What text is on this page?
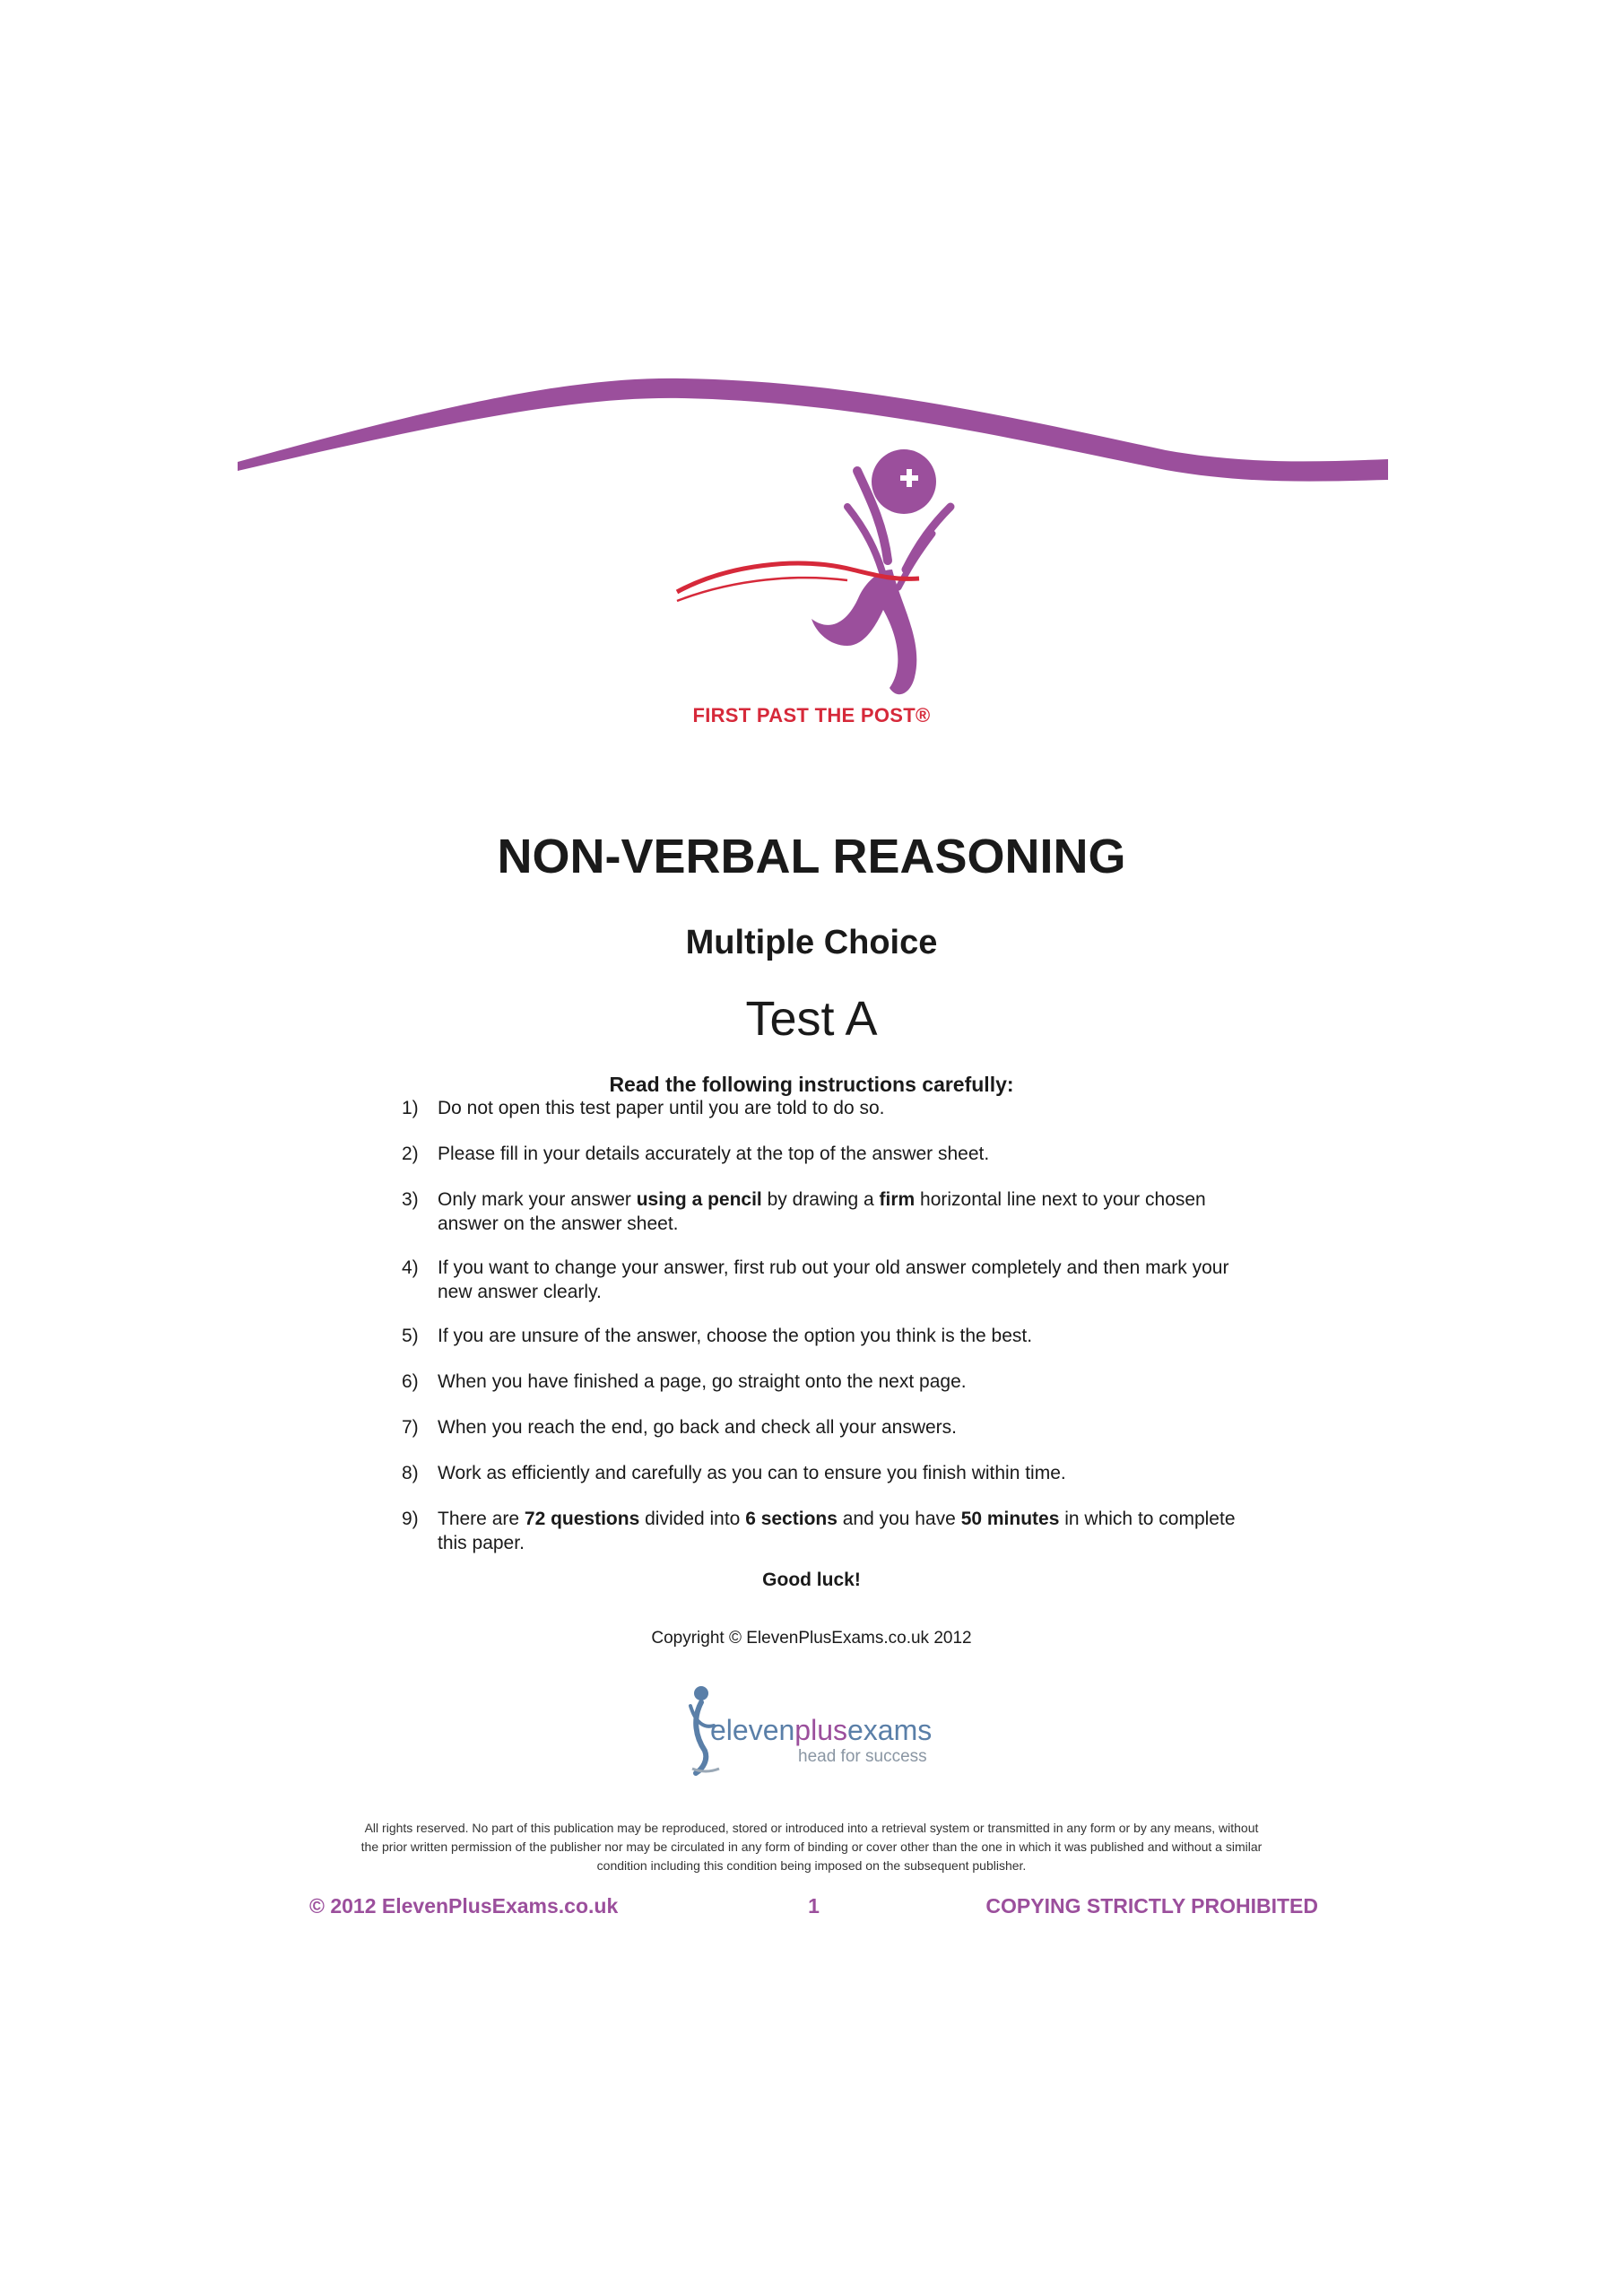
FIRST PAST THE POST®
NON-VERBAL REASONING
Multiple Choice
Test A
Read the following instructions carefully:
1)	Do not open this test paper until you are told to do so.
2)	Please fill in your details accurately at the top of the answer sheet.
3)	Only mark your answer using a pencil by drawing a firm horizontal line next to your chosen answer on the answer sheet.
4)	If you want to change your answer, first rub out your old answer completely and then mark your new answer clearly.
5)	If you are unsure of the answer, choose the option you think is the best.
6)	When you have finished a page, go straight onto the next page.
7)	When you reach the end, go back and check all your answers.
8)	Work as efficiently and carefully as you can to ensure you finish within time.
9)	There are 72 questions divided into 6 sections and you have 50 minutes in which to complete this paper.
Good luck!
Copyright © ElevenPlusExams.co.uk 2012
elevenplusexams
head for success
All rights reserved. No part of this publication may be reproduced, stored or introduced into a retrieval system or transmitted in any form or by any means, without the prior written permission of the publisher nor may be circulated in any form of binding or cover other than the one in which it was published and without a similar condition including this condition being imposed on the subsequent publisher.
© 2012 ElevenPlusExams.co.uk	1	COPYING STRICTLY PROHIBITED
